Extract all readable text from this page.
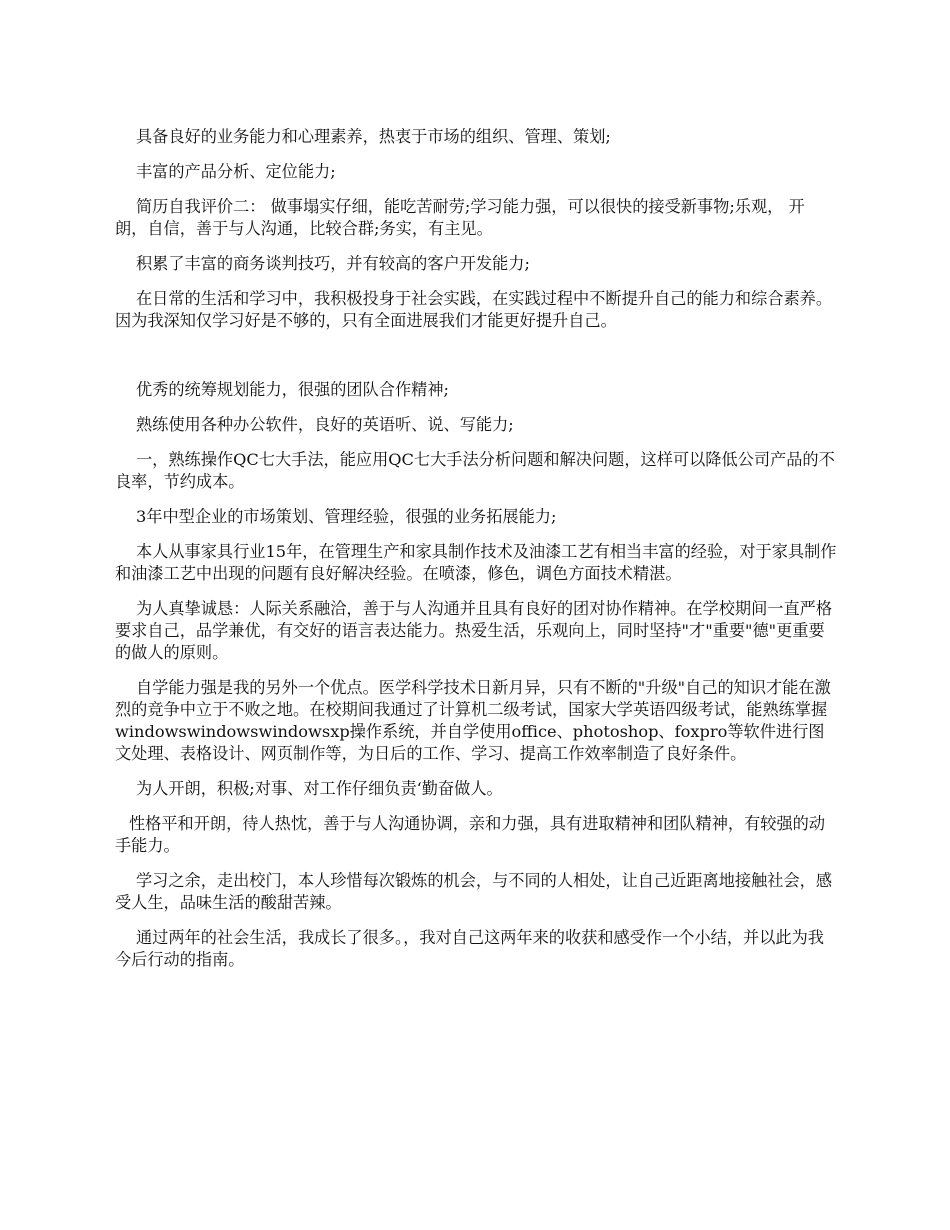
具备良好的业务能力和心理素养，热衷于市场的组织、管理、策划;

丰富的产品分析、定位能力;

简历自我评价二： 做事塌实仔细，能吃苦耐劳;学习能力强，可以很快的接受新事物;乐观， 开朗，自信，善于与人沟通，比较合群;务实，有主见。

积累了丰富的商务谈判技巧，并有较高的客户开发能力;

在日常的生活和学习中，我积极投身于社会实践，在实践过程中不断提升自己的能力和综合素养。因为我深知仅学习好是不够的，只有全面进展我们才能更好提升自己。

优秀的统筹规划能力，很强的团队合作精神;

熟练使用各种办公软件，良好的英语听、说、写能力;

一，熟练操作QC七大手法，能应用QC七大手法分析问题和解决问题，这样可以降低公司产品的不良率，节约成本。

3年中型企业的市场策划、管理经验，很强的业务拓展能力;

本人从事家具行业15年，在管理生产和家具制作技术及油漆工艺有相当丰富的经验，对于家具制作和油漆工艺中出现的问题有良好解决经验。在喷漆，修色，调色方面技术精湛。

为人真挚诚恳：人际关系融洽，善于与人沟通并且具有良好的团对协作精神。在学校期间一直严格要求自己，品学兼优，有交好的语言表达能力。热爱生活，乐观向上，同时坚持"才"重要"德"更重要的做人的原则。

自学能力强是我的另外一个优点。医学科学技术日新月异，只有不断的"升级"自己的知识才能在激烈的竞争中立于不败之地。在校期间我通过了计算机二级考试，国家大学英语四级考试，能熟练掌握windowswindowswindowsxp操作系统，并自学使用office、photoshop、foxpro等软件进行图文处理、表格设计、网页制作等，为日后的工作、学习、提高工作效率制造了良好条件。

为人开朗，积极;对事、对工作仔细负责‘勤奋做人。

性格平和开朗，待人热忱，善于与人沟通协调，亲和力强，具有进取精神和团队精神，有较强的动手能力。

学习之余，走出校门，本人珍惜每次锻炼的机会，与不同的人相处，让自己近距离地接触社会，感受人生，品味生活的酸甜苦辣。

通过两年的社会生活，我成长了很多。，我对自己这两年来的收获和感受作一个小结，并以此为我今后行动的指南。
